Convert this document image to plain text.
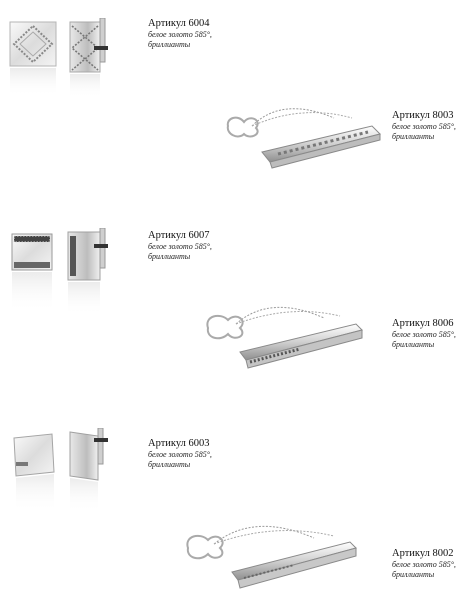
Артикул 6004
белое золото 585°,
бриллианты
Артикул 8003
белое золото 585°,
бриллианты
Артикул 6007
белое золото 585°,
бриллианты
Артикул 8006
белое золото 585°,
бриллианты
Артикул 6003
белое золото 585°,
бриллианты
Артикул 8002
белое золото 585°,
бриллианты
